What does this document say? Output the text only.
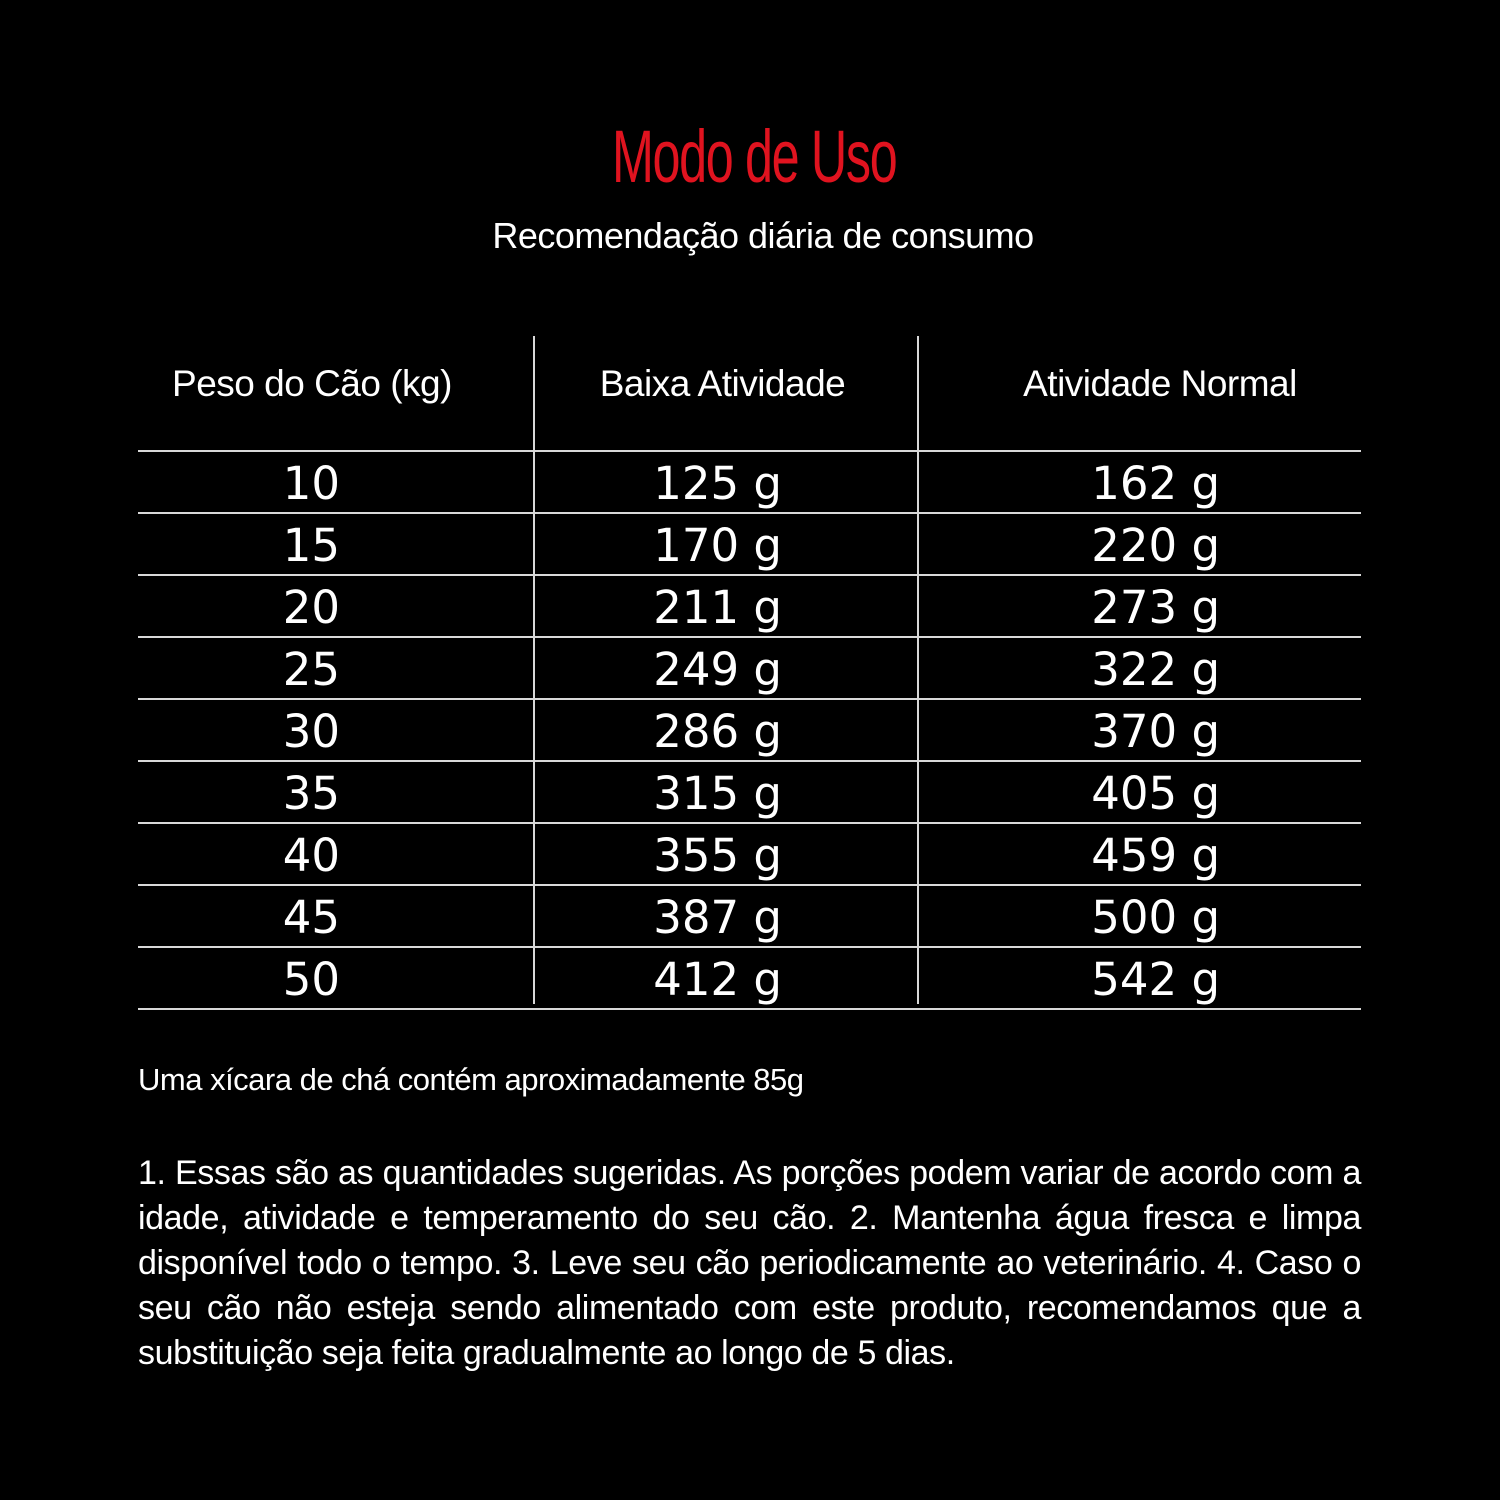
Modo de Uso
Recomendação diária de consumo
Peso do Cão (kg)	Baixa Atividade	Atividade Normal
10	125 g	162 g
15	170 g	220 g
20	211 g	273 g
25	249 g	322 g
30	286 g	370 g
35	315 g	405 g
40	355 g	459 g
45	387 g	500 g
50	412 g	542 g
Uma xícara de chá contém aproximadamente 85g
1. Essas são as quantidades sugeridas. As porções podem variar de acordo com a idade, atividade e temperamento do seu cão. 2. Mantenha água fresca e limpa disponível todo o tempo. 3. Leve seu cão periodicamente ao veterinário. 4. Caso o seu cão não esteja sendo alimentado com este produto, recomendamos que a substituição seja feita gradualmente ao longo de 5 dias.
